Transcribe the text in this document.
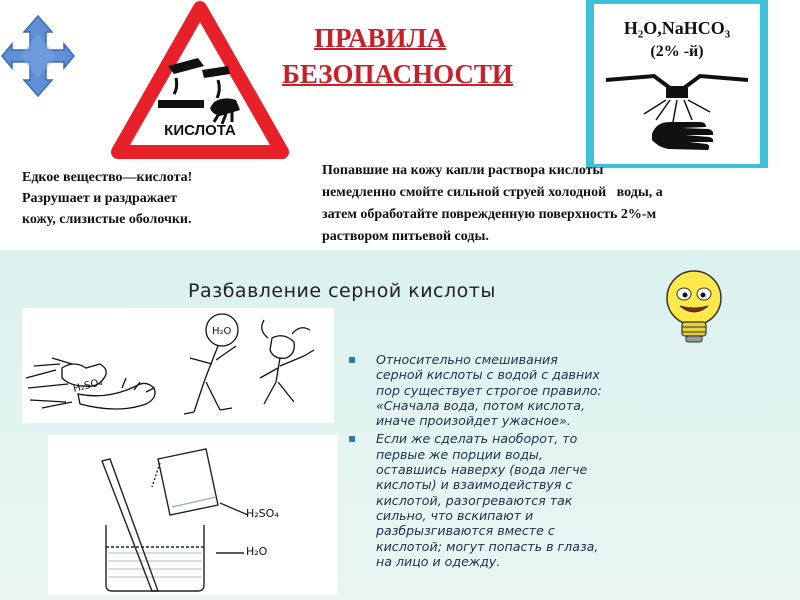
КИСЛОТА
ПРАВИЛА
БЕЗОПАСНОСТИ
H₂O,NaHCO₃
(2% -й)
Едкое вещество—кислота!
Разрушает и раздражает
кожу, слизистые оболочки.
Попавшие на кожу капли раствора кислоты
немедленно смойте сильной струей холодной   воды, а
затем обработайте поврежденную поверхность 2%-м
раствором питьевой соды.
Разбавление серной кислоты
H₂O
H₂SO₄
H₂SO₄
H₂O
▪ Относительно смешивания
серной кислоты с водой с давних
пор существует строгое правило:
«Сначала вода, потом кислота,
иначе произойдет ужасное».
▪ Если же сделать наоборот, то
первые же порции воды,
оставшись наверху (вода легче
кислоты) и взаимодействуя с
кислотой, разогреваются так
сильно, что вскипают и
разбрызгиваются вместе с
кислотой; могут попасть в глаза,
на лицо и одежду.
